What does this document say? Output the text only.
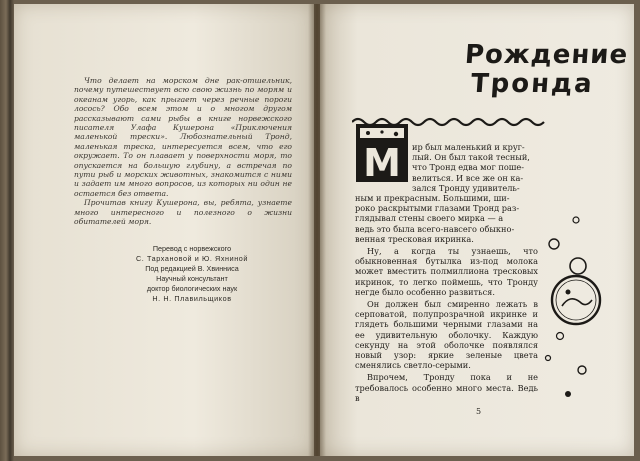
Что делает на морском дне рак-отшельник, почему путешествует всю свою жизнь по морям и океанам угорь, как прыгает через речные пороги лосось? Обо всем этом и о многом другом рассказывают сами рыбы в книге норвежского писателя Улафа Кушерона «Приключения маленькой трески». Любознательный Тронд, маленькая треска, интересуется всем, что его окружает. То он плавает у поверхности моря, то опускается на большую глубину, а встречая по пути рыб и морских животных, знакомится с ними и задает им много вопросов, из которых ни один не остается без ответа.

Прочитав книгу Кушерона, вы, ребята, узнаете много интересного и полезного о жизни обитателей моря.

Перевод с норвежского
С. Тархановой и Ю. Яхниной
Под редакцией В. Хвинниса
Научный консультант
доктор биологических наук
Н. Н. Плавильщиков
Рождение
Тронда
М	ир был маленький и круг-
лый. Он был такой тесный,
что Тронд едва мог поше-
велиться. И все же он ка-
зался Тронду удивитель-
ным и прекрасным. Большими, ши-
роко раскрытыми глазами Тронд раз-
глядывал стены своего мирка — а
ведь это была всего-навсего обыкно-
венная тресковая икринка.

Ну, а когда ты узнаешь, что обыкновенная бутылка из-под молока может вместить полмиллиона тресковых икринок, то легко поймешь, что Тронду негде было особенно развиться.

Он должен был смиренно лежать в серповатой, полупрозрачной икринке и глядеть большими черными глазами на ее удивительную оболочку. Каждую секунду на этой оболочке появлялся новый узор: яркие зеленые цвета сменялись светло-серыми.

Впрочем, Тронду пока и не требовалось особенно много места. Ведь в

5
